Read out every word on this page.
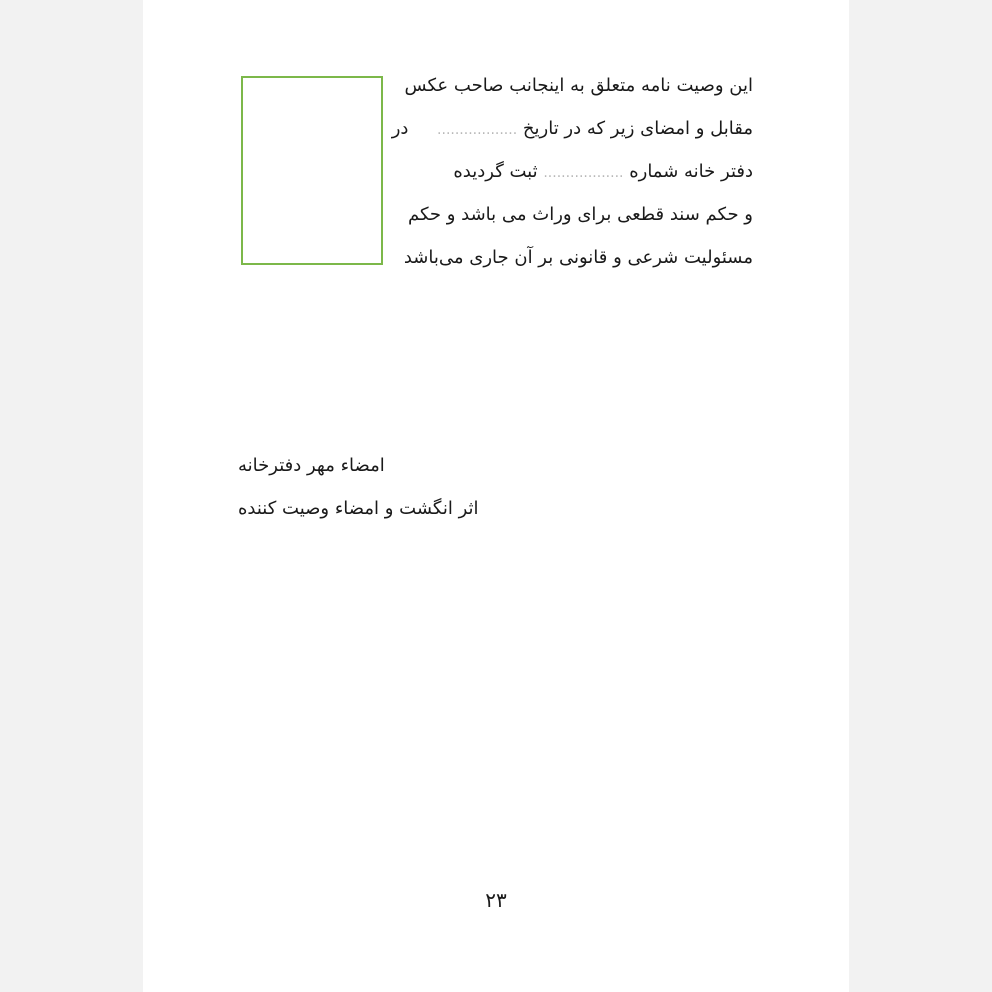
این وصیت نامه متعلق به اینجانب صاحب عکس
مقابل و امضای زیر که در تاریخ ..................     در
دفتر خانه شماره .................. ثبت گردیده
و حکم سند قطعی برای وراث می باشد و حکم
مسئولیت شرعی و قانونی بر آن جاری می‌باشد
امضاء مهر دفترخانه
اثر انگشت و امضاء وصیت کننده
۲۳
